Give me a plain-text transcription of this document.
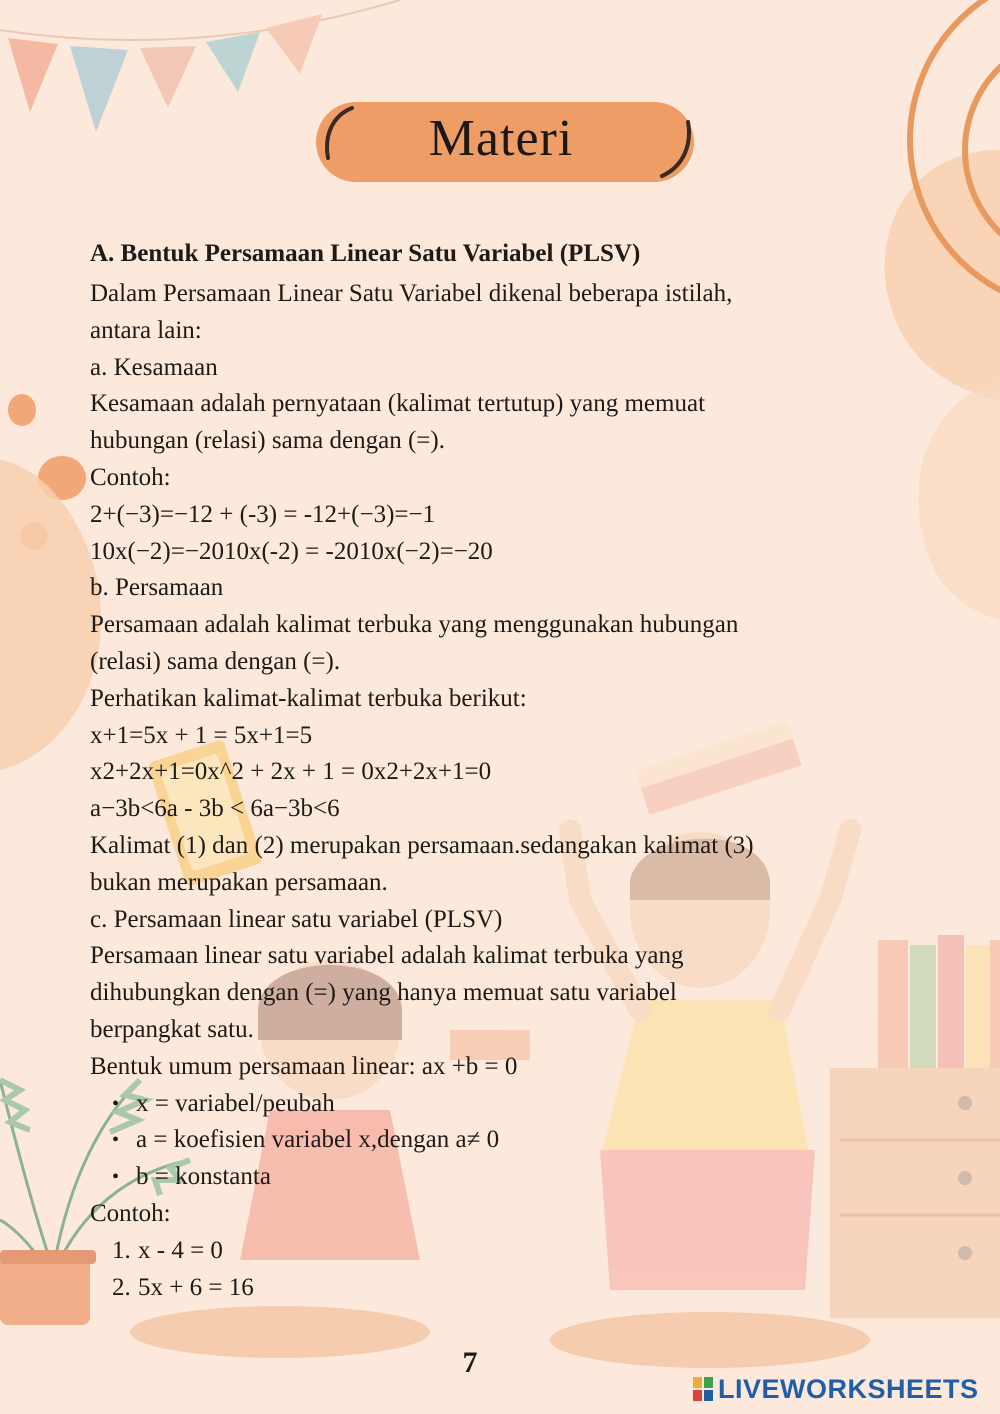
Materi
A. Bentuk Persamaan Linear Satu Variabel (PLSV)
Dalam Persamaan Linear Satu Variabel dikenal beberapa istilah,
antara lain:
a. Kesamaan
Kesamaan adalah pernyataan (kalimat tertutup) yang memuat
hubungan (relasi) sama dengan (=).
Contoh:
2+(−3)=−12 + (-3) = -12+(−3)=−1
10x(−2)=−2010x(-2) = -2010x(−2)=−20
b. Persamaan
Persamaan adalah kalimat terbuka yang menggunakan hubungan
(relasi) sama dengan (=).
Perhatikan kalimat-kalimat terbuka berikut:
x+1=5x + 1 = 5x+1=5
x2+2x+1=0x^2 + 2x + 1 = 0x2+2x+1=0
a−3b<6a - 3b < 6a−3b<6
Kalimat (1) dan (2) merupakan persamaan.sedangakan kalimat (3)
bukan merupakan persamaan.
c. Persamaan linear satu variabel (PLSV)
Persamaan linear satu variabel adalah kalimat terbuka yang
dihubungkan dengan (=) yang hanya memuat satu variabel
berpangkat satu.
Bentuk umum persamaan linear: ax +b = 0
• x = variabel/peubah
• a = koefisien variabel x,dengan a≠ 0
• b = konstanta
Contoh:
1. x - 4 = 0
2. 5x + 6 = 16
7
LIVEWORKSHEETS
